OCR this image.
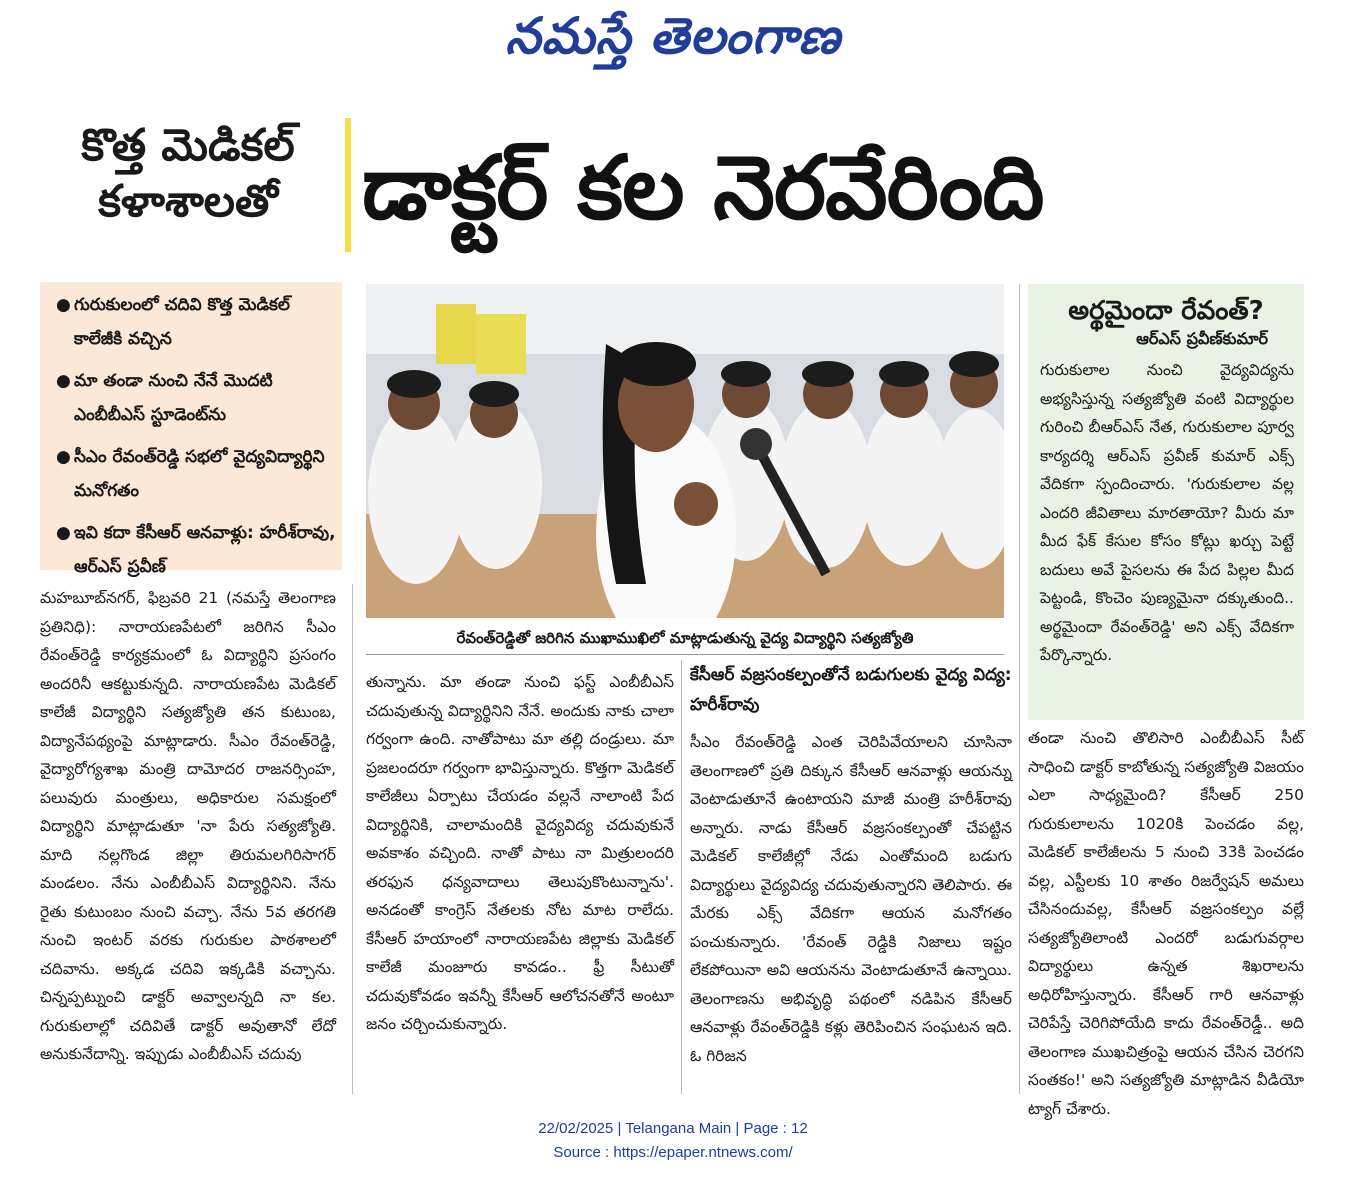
నమస్తే తెలంగాణ
కొత్త మెడికల్
కళాశాలతో డాక్టర్ కల నెరవేరింది
● గురుకులంలో చదివి కొత్త మెడికల్ కాలేజీకి వచ్చిన
● మా తండా నుంచి నేనే మొదటి ఎంబీబీఎస్ స్టూడెంట్‌ను
● సీఎం రేవంత్‌రెడ్డి సభలో వైద్యవిద్యార్థిని మనోగతం
● ఇవి కదా కేసీఆర్ ఆనవాళ్లు: హరీశ్‌రావు, ఆర్ఎస్ ప్రవీణ్
రేవంత్‌రెడ్డితో జరిగిన ముఖాముఖిలో మాట్లాడుతున్న వైద్య విద్యార్థిని సత్యజ్యోతి
అర్థమైందా రేవంత్?
ఆర్ఎస్ ప్రవీణ్‌కుమార్
గురుకులాల నుంచి వైద్యవిద్యను అభ్యసిస్తున్న సత్యజ్యోతి వంటి విద్యార్థుల గురించి బీఆర్ఎస్ నేత, గురుకులాల పూర్వ కార్యదర్శి ఆర్ఎస్ ప్రవీణ్ కుమార్ ఎక్స్ వేదికగా స్పందించారు. 'గురుకులాల వల్ల ఎందరి జీవితాలు మారతాయో? మీరు మా మీద ఫేక్ కేసుల కోసం కోట్లు ఖర్చు పెట్టే బదులు అవే పైసలను ఈ పేద పిల్లల మీద పెట్టండి, కొంచెం పుణ్యమైనా దక్కుతుంది.. అర్థమైందా రేవంత్‌రెడ్డి' అని ఎక్స్ వేదికగా పేర్కొన్నారు.

మహబూబ్‌నగర్, ఫిబ్రవరి 21 (నమస్తే తెలంగాణ ప్రతినిధి): నారాయణపేటలో జరిగిన సీఎం రేవంత్‌రెడ్డి కార్యక్రమంలో ఓ విద్యార్థిని ప్రసంగం అందరినీ ఆకట్టుకున్నది. నారాయణపేట మెడికల్ కాలేజీ విద్యార్థిని సత్యజ్యోతి తన కుటుంబ, విద్యానేపథ్యంపై మాట్లాడారు. సీఎం రేవంత్‌రెడ్డి, వైద్యారోగ్యశాఖ మంత్రి దామోదర రాజనర్సింహ, పలువురు మంత్రులు, అధికారుల సమక్షంలో విద్యార్థిని మాట్లాడుతూ 'నా పేరు సత్యజ్యోతి. మాది నల్లగొండ జిల్లా తిరుమలగిరిసాగర్ మండలం. నేను ఎంబీబీఎస్ విద్యార్థినిని. నేను రైతు కుటుంబం నుంచి వచ్చా. నేను 5వ తరగతి నుంచి ఇంటర్ వరకు గురుకుల పాఠశాలలో చదివాను. అక్కడ చదివి ఇక్కడికి వచ్చాను. చిన్నప్పట్నుంచి డాక్టర్ అవ్వాలన్నది నా కల. గురుకులాల్లో చదివితే డాక్టర్ అవుతానో లేదో అనుకునేదాన్ని. ఇప్పుడు ఎంబీబీఎస్ చదువు

తున్నాను. మా తండా నుంచి ఫస్ట్ ఎంబీబీఎస్ చదువుతున్న విద్యార్థినిని నేనే. అందుకు నాకు చాలా గర్వంగా ఉంది. నాతోపాటు మా తల్లి దండ్రులు. మా ప్రజలందరూ గర్వంగా భావిస్తున్నారు. కొత్తగా మెడికల్ కాలేజీలు ఏర్పాటు చేయడం వల్లనే నాలాంటి పేద విద్యార్థినికి, చాలామందికి వైద్యవిద్య చదువుకునే అవకాశం వచ్చింది. నాతో పాటు నా మిత్రులందరి తరఫున ధన్యవాదాలు తెలుపుకొంటున్నాను'. అనడంతో కాంగ్రెస్ నేతలకు నోట మాట రాలేదు. కేసీఆర్ హయాంలో నారాయణపేట జిల్లాకు మెడికల్ కాలేజీ మంజూరు కావడం.. ఫ్రీ సీటుతో చదువుకోవడం ఇవన్నీ కేసీఆర్ ఆలోచనతోనే అంటూ జనం చర్చించుకున్నారు.

కేసీఆర్ వజ్రసంకల్పంతోనే బడుగులకు వైద్య విద్య: హరీశ్‌రావు

సీఎం రేవంత్‌రెడ్డి ఎంత చెరిపివేయాలని చూసినా తెలంగాణలో ప్రతి దిక్కున కేసీఆర్ ఆనవాళ్లు ఆయన్ను వెంటాడుతూనే ఉంటాయని మాజీ మంత్రి హరీశ్‌రావు అన్నారు. నాడు కేసీఆర్ వజ్రసంకల్పంతో చేపట్టిన మెడికల్ కాలేజీల్లో నేడు ఎంతోమంది బడుగు విద్యార్థులు వైద్యవిద్య చదువుతున్నారని తెలిపారు. ఈ మేరకు ఎక్స్ వేదికగా ఆయన మనోగతం పంచుకున్నారు. 'రేవంత్ రెడ్డికి నిజాలు ఇష్టం లేకపోయినా అవి ఆయనను వెంటాడుతూనే ఉన్నాయి. తెలంగాణను అభివృద్ధి పథంలో నడిపిన కేసీఆర్ ఆనవాళ్లు రేవంత్‌రెడ్డికి కళ్లు తెరిపించిన సంఘటన ఇది. ఓ గిరిజన

తండా నుంచి తొలిసారి ఎంబీబీఎస్ సీట్ సాధించి డాక్టర్ కాబోతున్న సత్యజ్యోతి విజయం ఎలా సాధ్యమైంది? కేసీఆర్ 250 గురుకులాలను 1020కి పెంచడం వల్ల, మెడికల్ కాలేజీలను 5 నుంచి 33కి పెంచడం వల్ల, ఎస్టీలకు 10 శాతం రిజర్వేషన్ అమలు చేసినందువల్ల, కేసీఆర్ వజ్రసంకల్పం వల్లే సత్యజ్యోతిలాంటి ఎందరో బడుగువర్గాల విద్యార్థులు ఉన్నత శిఖరాలను అధిరోహిస్తున్నారు. కేసీఆర్ గారి ఆనవాళ్లు చెరిపేస్తే చెరిగిపోయేది కాదు రేవంత్‌రెడ్డీ.. అది తెలంగాణ ముఖచిత్రంపై ఆయన చేసిన చెరగని సంతకం!' అని సత్యజ్యోతి మాట్లాడిన వీడియో ట్యాగ్ చేశారు.

22/02/2025 | Telangana Main | Page : 12
Source : https://epaper.ntnews.com/
